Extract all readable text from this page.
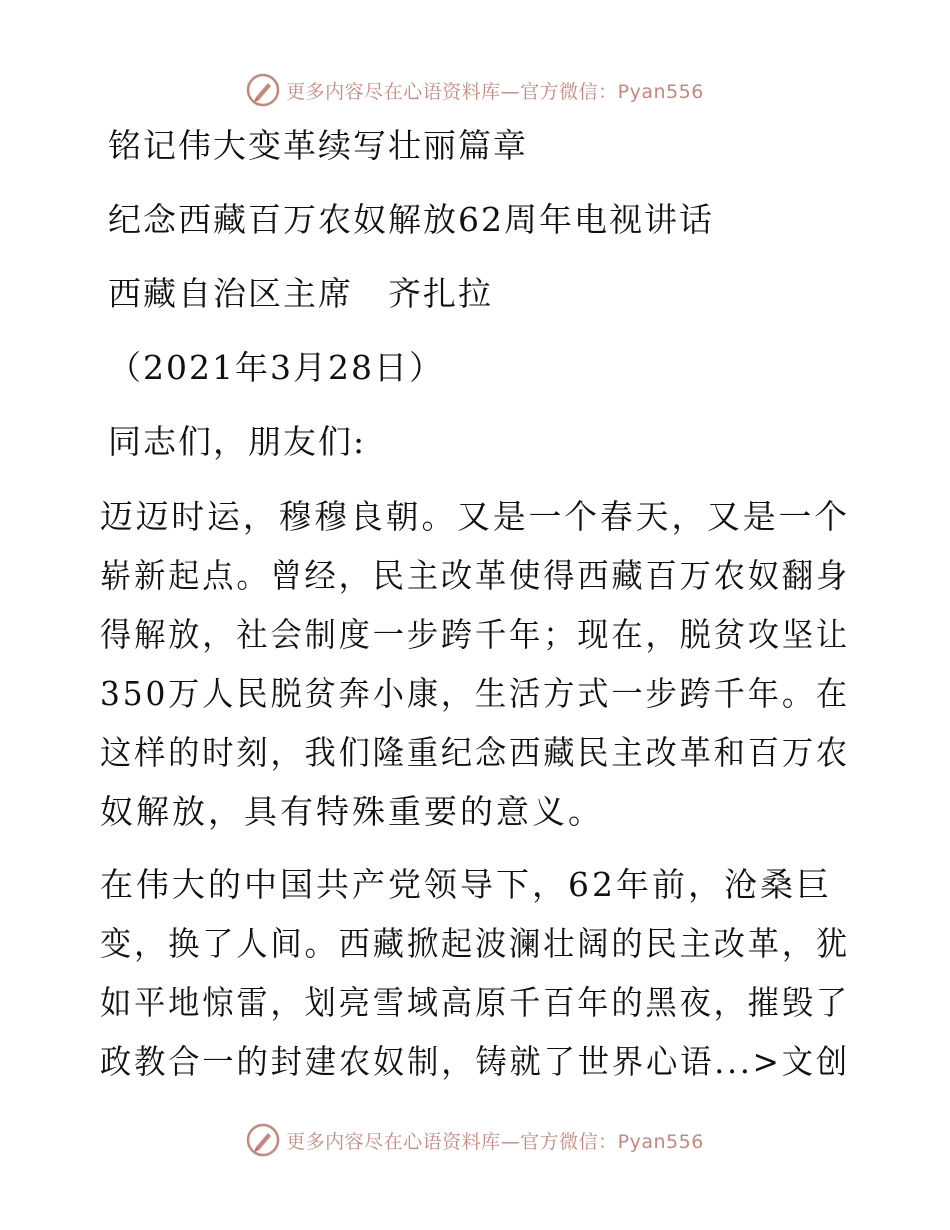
更多内容尽在心语资料库—官方微信：Pyan556
铭记伟大变革续写壮丽篇章
纪念西藏百万农奴解放62周年电视讲话
西藏自治区主席　齐扎拉
（2021年3月28日）
同志们，朋友们:
迈迈时运，穆穆良朝。又是一个春天，又是一个
崭新起点。曾经，民主改革使得西藏百万农奴翻身
得解放，社会制度一步跨千年；现在，脱贫攻坚让
350万人民脱贫奔小康，生活方式一步跨千年。在
这样的时刻，我们隆重纪念西藏民主改革和百万农
奴解放，具有特殊重要的意义。
在伟大的中国共产党领导下，62年前，沧桑巨
变，换了人间。西藏掀起波澜壮阔的民主改革，犹
如平地惊雷，划亮雪域高原千百年的黑夜，摧毁了
政教合一的封建农奴制，铸就了世界心语...>文创
更多内容尽在心语资料库—官方微信：Pyan556
